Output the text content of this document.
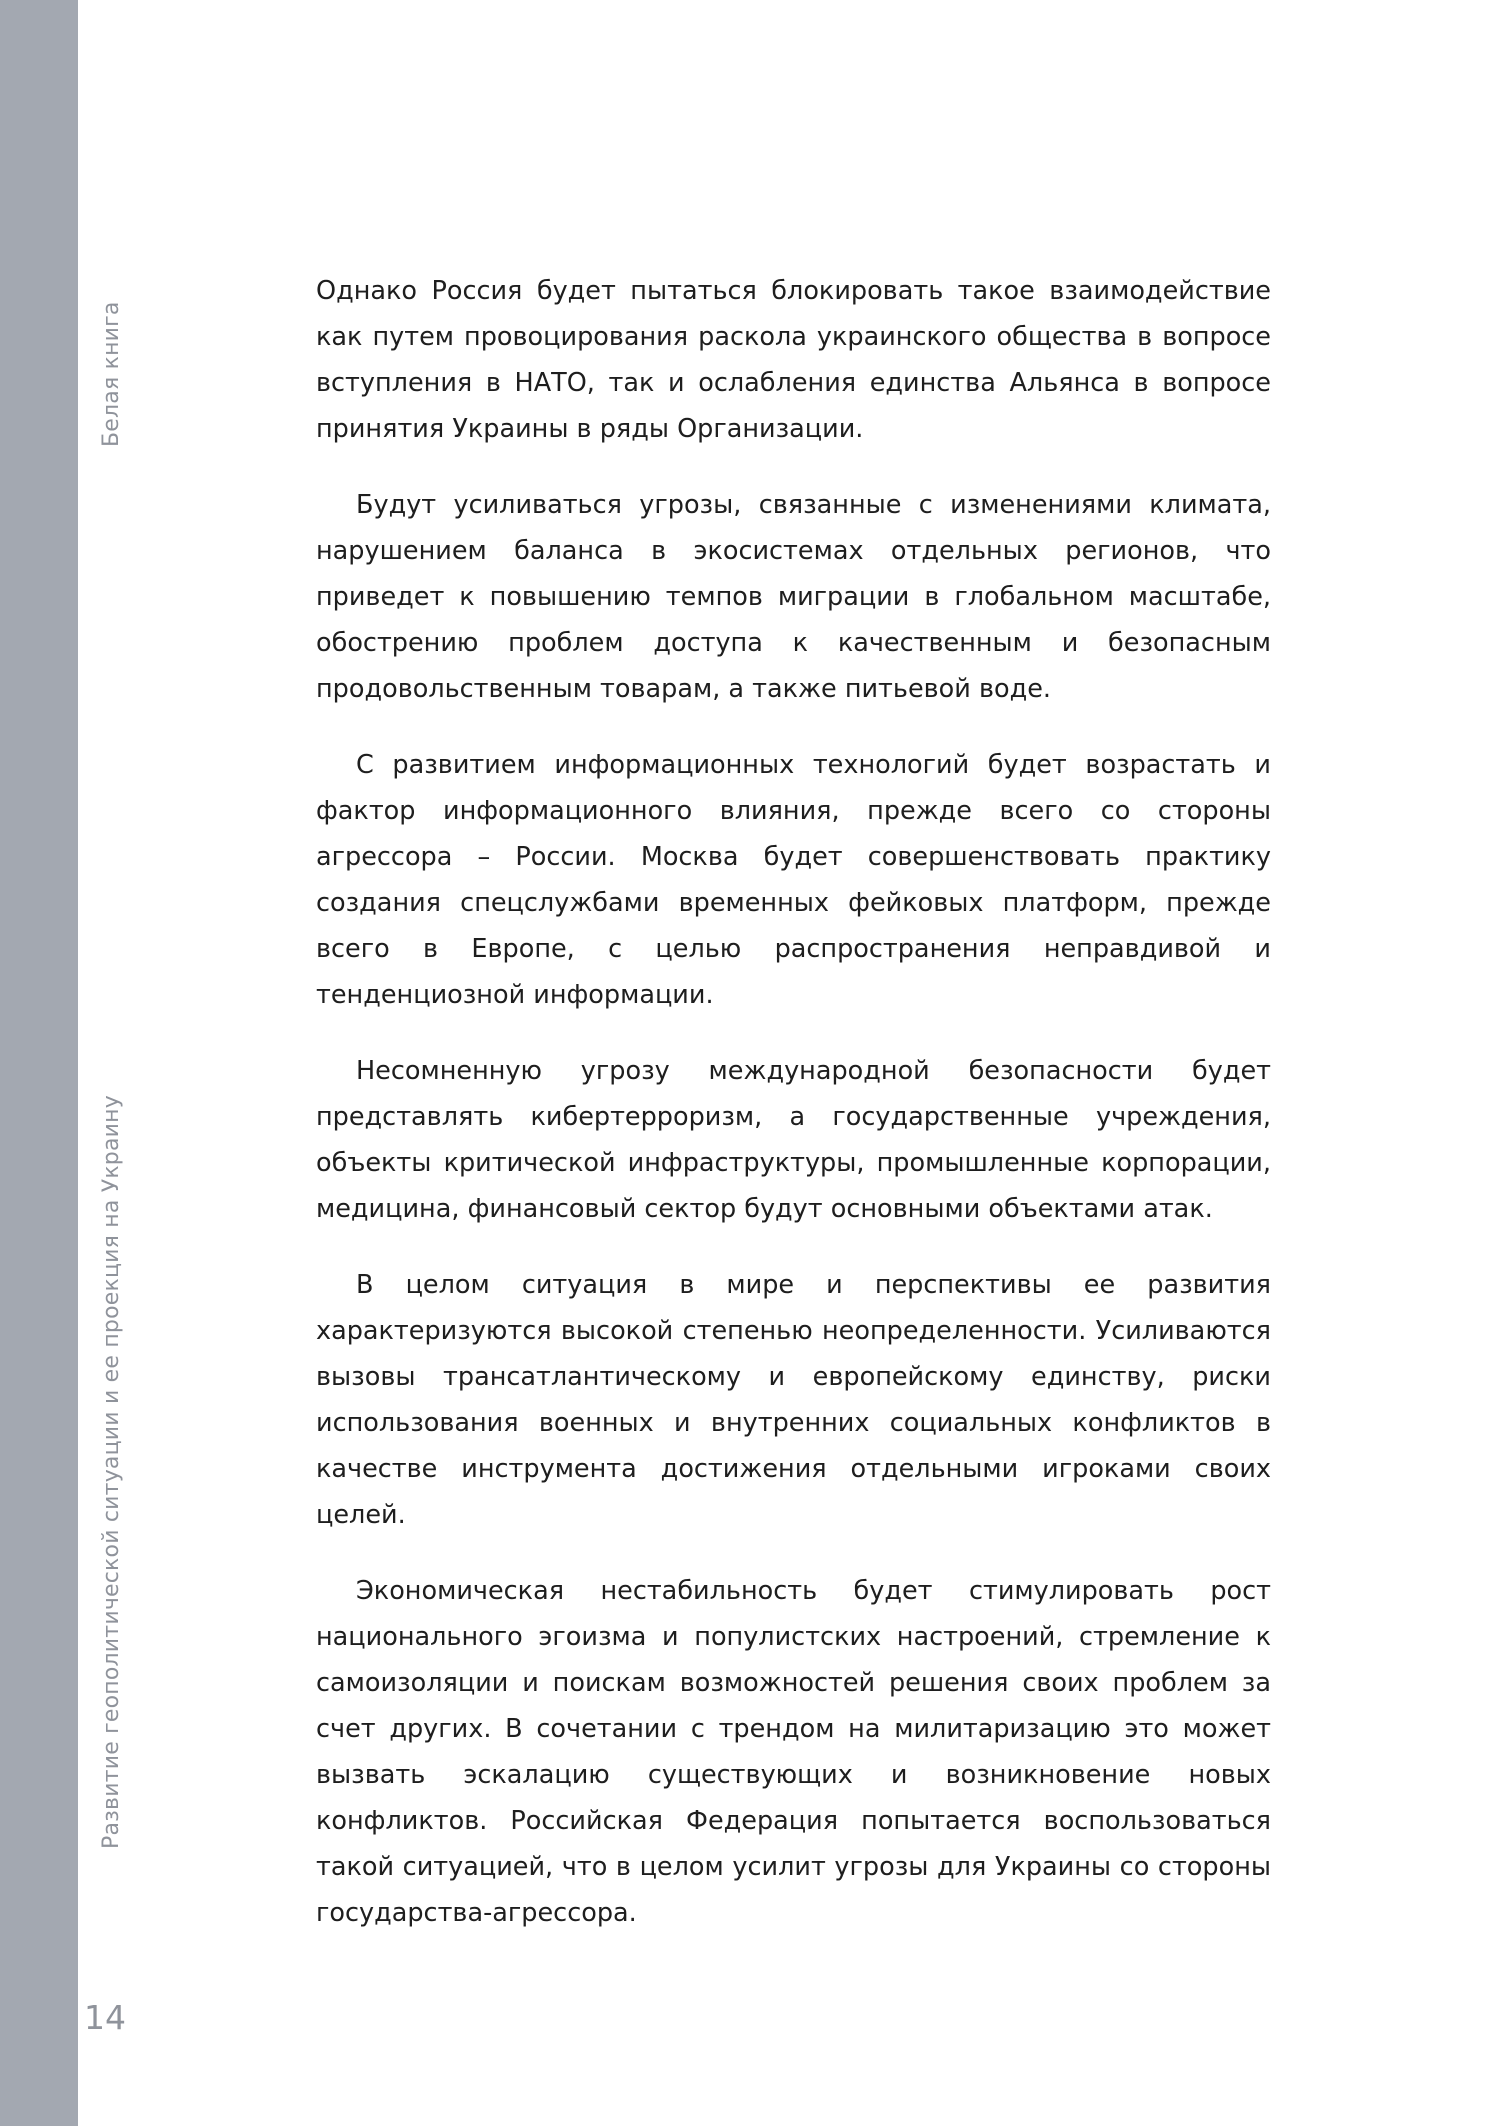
Белая книга
Развитие геополитической ситуации и ее проекция на Украину
14

Однако Россия будет пытаться блокировать такое взаимодействие как путем провоцирования раскола украинского общества в вопросе вступления в НАТО, так и ослабления единства Альянса в вопросе принятия Украины в ряды Организации.

Будут усиливаться угрозы, связанные с изменениями климата, нарушением баланса в экосистемах отдельных регионов, что приведет к повышению темпов миграции в глобальном масштабе, обострению проблем доступа к качественным и безопасным продовольственным товарам, а также питьевой воде.

С развитием информационных технологий будет возрастать и фактор информационного влияния, прежде всего со стороны агрессора – России. Москва будет совершенствовать практику создания спецслужбами временных фейковых платформ, прежде всего в Европе, с целью распространения неправдивой и тенденциозной информации.

Несомненную угрозу международной безопасности будет представлять кибертерроризм, а государственные учреждения, объекты критической инфраструктуры, промышленные корпорации, медицина, финансовый сектор будут основными объектами атак.

В целом ситуация в мире и перспективы ее развития характеризуются высокой степенью неопределенности. Усиливаются вызовы трансатлантическому и европейскому единству, риски использования военных и внутренних социальных конфликтов в качестве инструмента достижения отдельными игроками своих целей.

Экономическая нестабильность будет стимулировать рост национального эгоизма и популистских настроений, стремление к самоизоляции и поискам возможностей решения своих проблем за счет других. В сочетании с трендом на милитаризацию это может вызвать эскалацию существующих и возникновение новых конфликтов. Российская Федерация попытается воспользоваться такой ситуацией, что в целом усилит угрозы для Украины со стороны государства-агрессора.
